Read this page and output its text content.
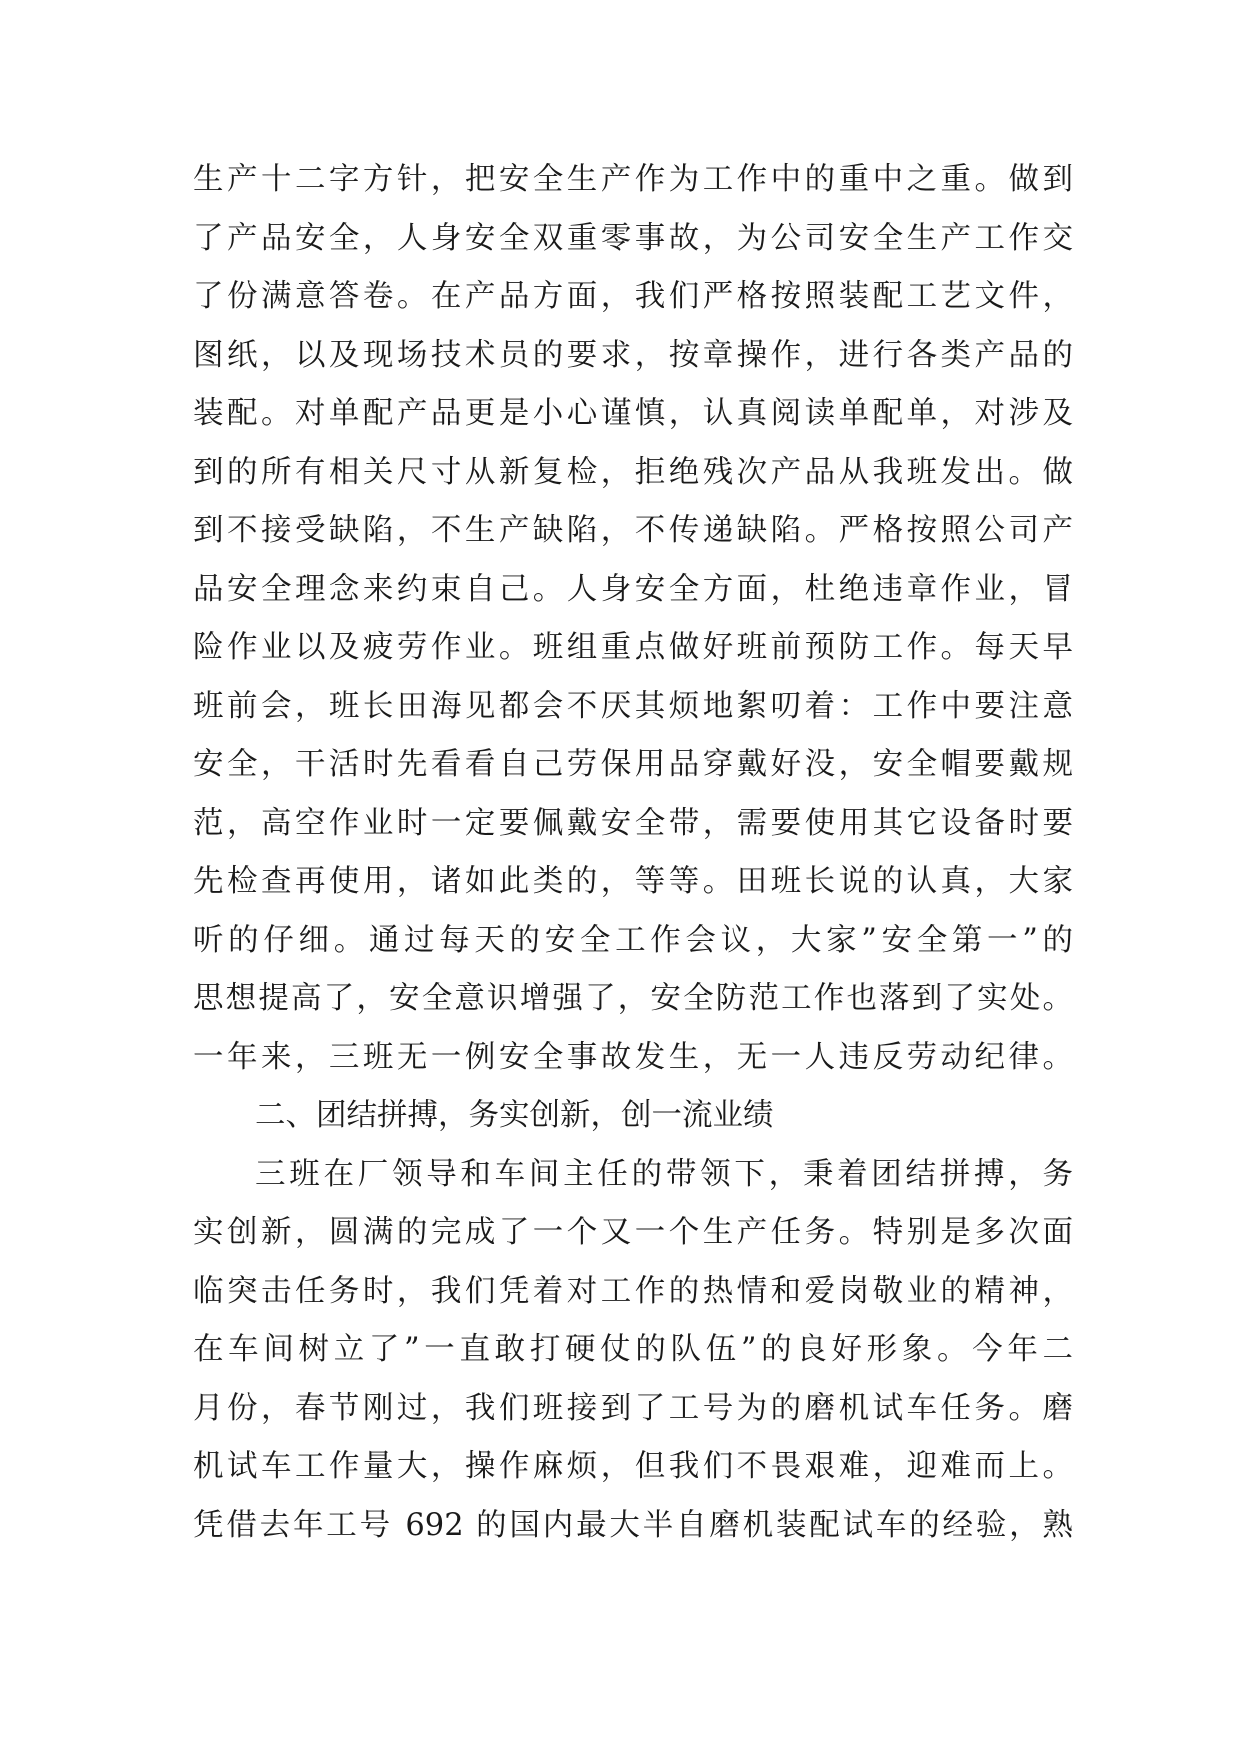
生产十二字方针，把安全生产作为工作中的重中之重。做到
了产品安全，人身安全双重零事故，为公司安全生产工作交
了份满意答卷。在产品方面，我们严格按照装配工艺文件，
图纸，以及现场技术员的要求，按章操作，进行各类产品的
装配。对单配产品更是小心谨慎，认真阅读单配单，对涉及
到的所有相关尺寸从新复检，拒绝残次产品从我班发出。做
到不接受缺陷，不生产缺陷，不传递缺陷。严格按照公司产
品安全理念来约束自己。人身安全方面，杜绝违章作业，冒
险作业以及疲劳作业。班组重点做好班前预防工作。每天早
班前会，班长田海见都会不厌其烦地絮叨着：工作中要注意
安全，干活时先看看自己劳保用品穿戴好没，安全帽要戴规
范，高空作业时一定要佩戴安全带，需要使用其它设备时要
先检查再使用，诸如此类的，等等。田班长说的认真，大家
听的仔细。通过每天的安全工作会议，大家”安全第一”的
思想提高了，安全意识增强了，安全防范工作也落到了实处。
一年来，三班无一例安全事故发生，无一人违反劳动纪律。
二、团结拼搏，务实创新，创一流业绩
三班在厂领导和车间主任的带领下，秉着团结拼搏，务
实创新，圆满的完成了一个又一个生产任务。特别是多次面
临突击任务时，我们凭着对工作的热情和爱岗敬业的精神，
在车间树立了”一直敢打硬仗的队伍”的良好形象。今年二
月份，春节刚过，我们班接到了工号为的磨机试车任务。磨
机试车工作量大，操作麻烦，但我们不畏艰难，迎难而上。
凭借去年工号 692 的国内最大半自磨机装配试车的经验，熟
